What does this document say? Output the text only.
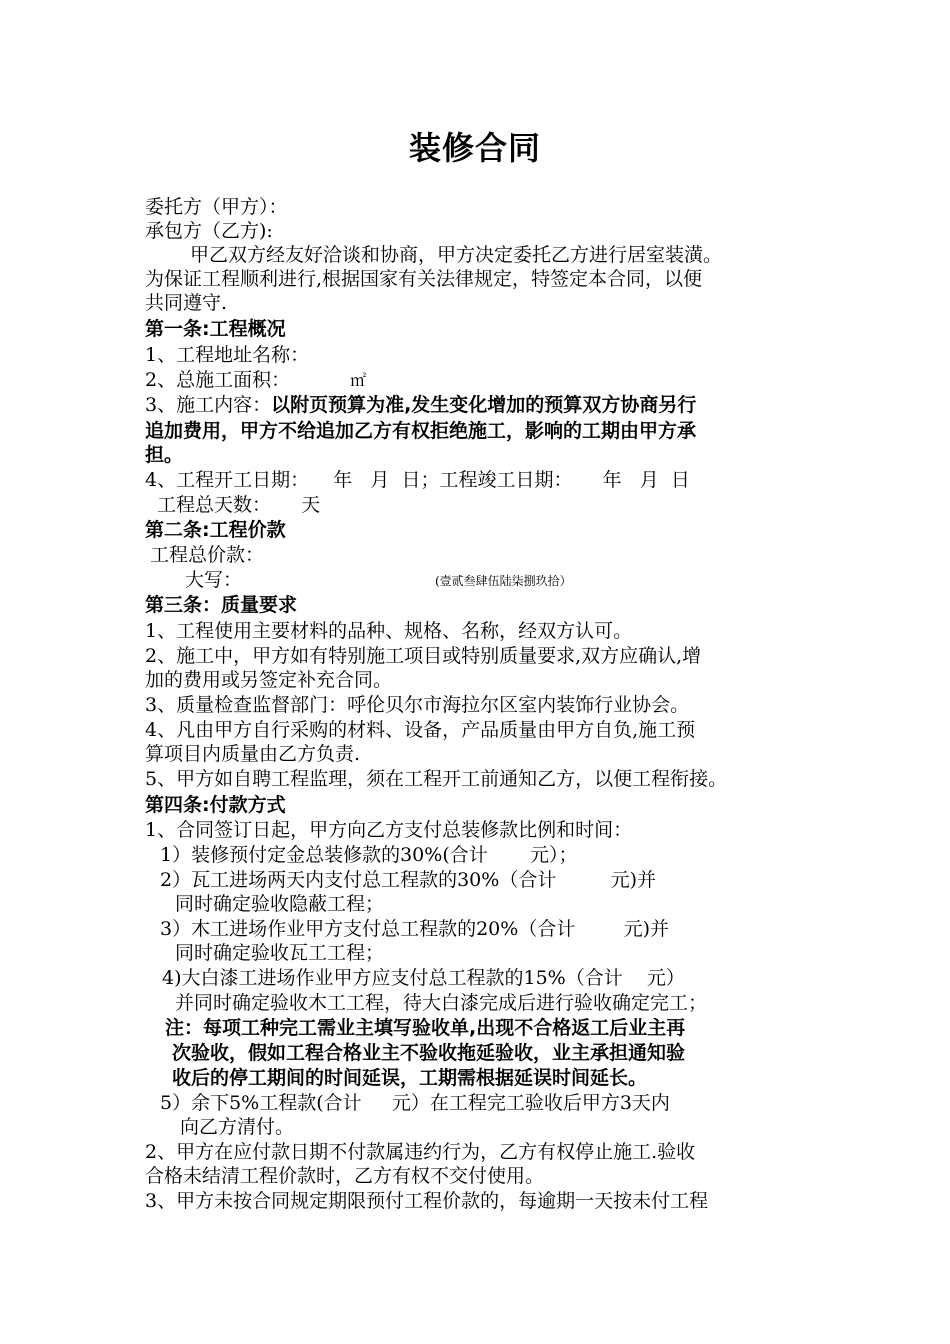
装修合同
委托方（甲方）：
承包方（乙方):
甲乙双方经友好洽谈和协商，甲方决定委托乙方进行居室装潢。
为保证工程顺利进行,根据国家有关法律规定，特签定本合同，以便
共同遵守.
第一条:工程概况
1、工程地址名称：
2、总施工面积：	㎡
3、施工内容：以附页预算为准,发生变化增加的预算双方协商另行
追加费用，甲方不给追加乙方有权拒绝施工，影响的工期由甲方承
担。
4、工程开工日期：    年   月  日；工程竣工日期：     年   月  日
工程总天数：     天
第二条:工程价款
工程总价款：
大写：	(壹贰叁肆伍陆柒捌玖拾）
第三条：质量要求
1、工程使用主要材料的品种、规格、名称，经双方认可。
2、施工中，甲方如有特别施工项目或特别质量要求,双方应确认,增
加的费用或另签定补充合同。
3、质量检查监督部门：呼伦贝尔市海拉尔区室内装饰行业协会。
4、凡由甲方自行采购的材料、设备，产品质量由甲方自负,施工预
算项目内质量由乙方负责.
5、甲方如自聘工程监理，须在工程开工前通知乙方，以便工程衔接。
第四条:付款方式
1、合同签订日起，甲方向乙方支付总装修款比例和时间：
1）装修预付定金总装修款的30%(合计       元）；
2）瓦工进场两天内支付总工程款的30%（合计         元)并
同时确定验收隐蔽工程；
3）木工进场作业甲方支付总工程款的20%（合计        元)并
同时确定验收瓦工工程；
4)大白漆工进场作业甲方应支付总工程款的15%（合计    元）
并同时确定验收木工工程，待大白漆完成后进行验收确定完工；
注：每项工种完工需业主填写验收单,出现不合格返工后业主再
次验收，假如工程合格业主不验收拖延验收，业主承担通知验
收后的停工期间的时间延误，工期需根据延误时间延长。
5）余下5%工程款(合计     元）在工程完工验收后甲方3天内
向乙方清付。
2、甲方在应付款日期不付款属违约行为，乙方有权停止施工.验收
合格未结清工程价款时，乙方有权不交付使用。
3、甲方未按合同规定期限预付工程价款的，每逾期一天按未付工程
